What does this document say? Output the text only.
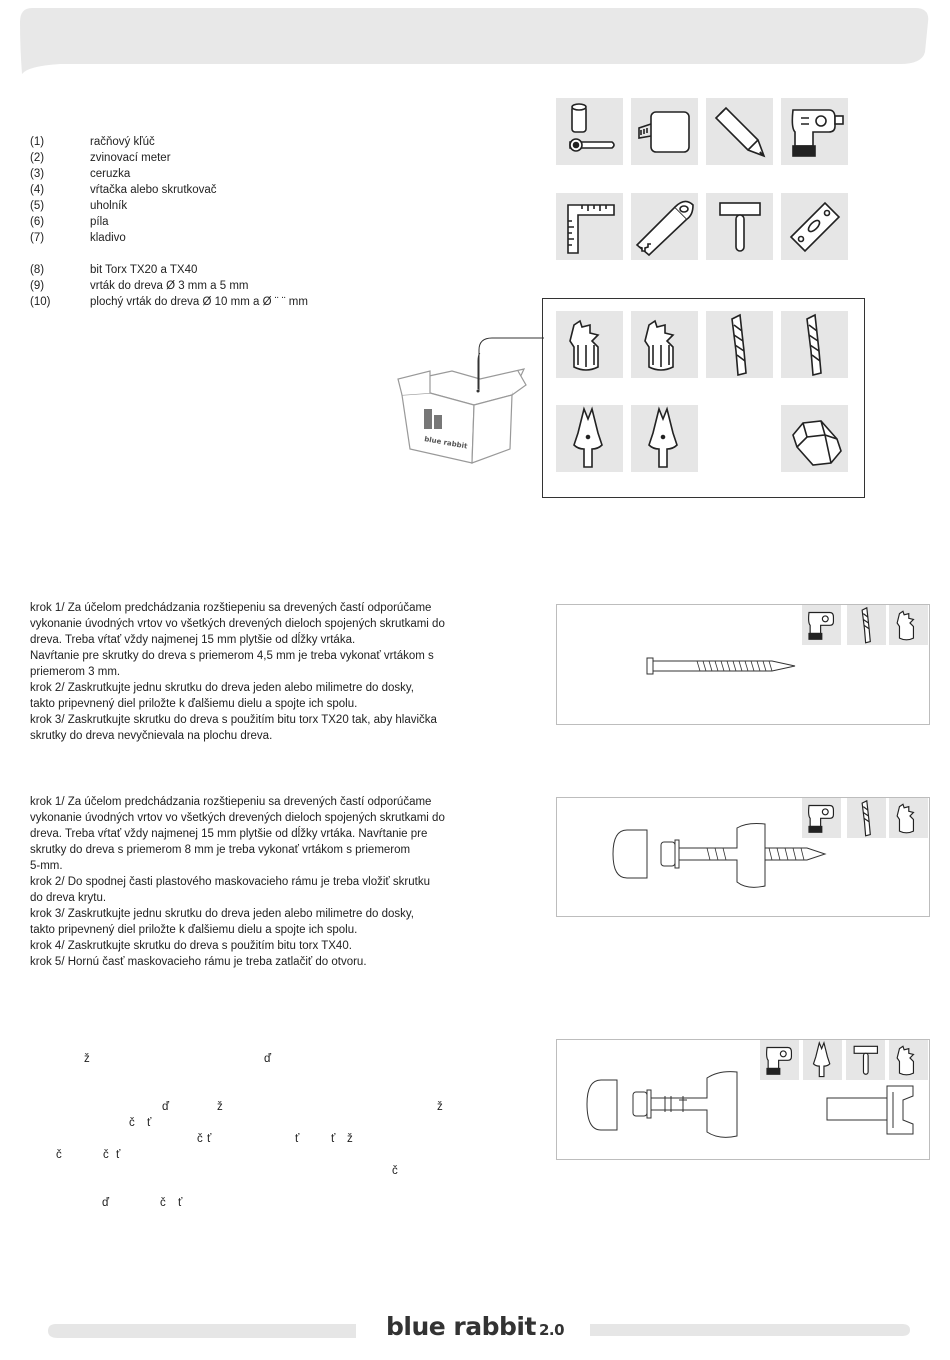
(1)	račňový kľúč
(2)	zvinovací meter
(3)	ceruzka
(4)	vŕtačka alebo skrutkovač
(5)	uholník
(6)	píla
(7)	kladivo
(8)	bit Torx TX20 a TX40
(9)	vrták do dreva Ø 3 mm a 5 mm
(10)	plochý vrták do dreva Ø 10 mm a Ø ¨ ¨ mm
blue rabbit

krok 1/ Za účelom predchádzania rozštiepeniu sa drevených častí odporúčame

vykonanie úvodných vrtov vo všetkých drevených dieloch spojených skrutkami do

dreva. Treba vŕtať vždy najmenej 15 mm plytšie od dĺžky vrtáka.

Navŕtanie pre skrutky do dreva s priemerom 4,5 mm je treba vykonať vrtákom s

priemerom 3 mm.

krok 2/ Zaskrutkujte jednu skrutku do dreva jeden alebo milimetre do dosky,

takto pripevnený diel priložte k ďalšiemu dielu a spojte ich spolu.

krok 3/ Zaskrutkujte skrutku do dreva s použitím bitu torx TX20 tak, aby hlavička

skrutky do dreva nevyčnievala na plochu dreva.

krok 1/ Za účelom predchádzania rozštiepeniu sa drevených častí odporúčame

vykonanie úvodných vrtov vo všetkých drevených dieloch spojených skrutkami do

dreva. Treba vŕtať vždy najmenej 15 mm plytšie od dĺžky vrtáka. Navŕtanie pre

skrutky do dreva s priemerom 8 mm je treba vykonať vrtákom s priemerom

5-mm.

krok 2/ Do spodnej časti plastového maskovacieho rámu je treba vložiť skrutku

do dreva krytu.

krok 3/ Zaskrutkujte jednu skrutku do dreva jeden alebo milimetre do dosky,

takto pripevnený diel priložte k ďalšiemu dielu a spojte ich spolu.

krok 4/ Zaskrutkujte skrutku do dreva s použitím bitu torx TX40.

krok 5/ Hornú časť maskovacieho rámu je treba zatlačiť do otvoru.

ž	ď
ď	ž	ž
č ť
č ť	ť	ť ž
č	č ť
č
ď	č ť
blue rabbit 2.0
